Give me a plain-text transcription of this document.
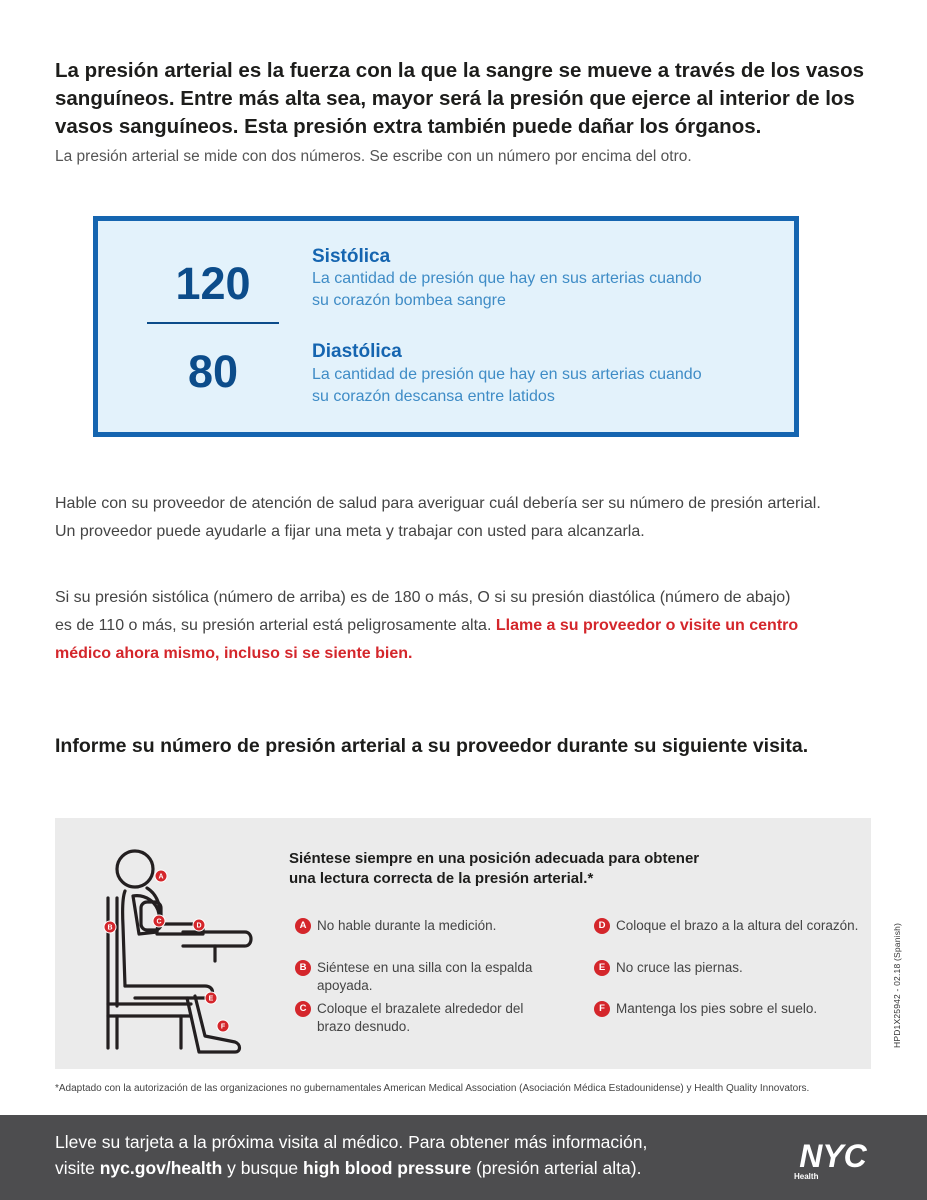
La presión arterial es la fuerza con la que la sangre se mueve a través de los vasos
sanguíneos. Entre más alta sea, mayor será la presión que ejerce al interior de los
vasos sanguíneos. Esta presión extra también puede dañar los órganos.
La presión arterial se mide con dos números. Se escribe con un número por encima del otro.
120
80
Sistólica
La cantidad de presión que hay en sus arterias cuando
su corazón bombea sangre
Diastólica
La cantidad de presión que hay en sus arterias cuando
su corazón descansa entre latidos
Hable con su proveedor de atención de salud para averiguar cuál debería ser su número de presión arterial.
Un proveedor puede ayudarle a fijar una meta y trabajar con usted para alcanzarla.
Si su presión sistólica (número de arriba) es de 180 o más, O si su presión diastólica (número de abajo)
es de 110 o más, su presión arterial está peligrosamente alta. Llame a su proveedor o visite un centro
médico ahora mismo, incluso si se siente bien.
Informe su número de presión arterial a su proveedor durante su siguiente visita.
A
B
C
D
E
F
Siéntese siempre en una posición adecuada para obtener
una lectura correcta de la presión arterial.*
A No hable durante la medición.
B Siéntese en una silla con la espalda apoyada.
C Coloque el brazalete alrededor del brazo desnudo.
D Coloque el brazo a la altura del corazón.
E No cruce las piernas.
F Mantenga los pies sobre el suelo.	HPD1X25942 - 02.18 (Spanish)
*Adaptado con la autorización de las organizaciones no gubernamentales American Medical Association (Asociación Médica Estadounidense) y Health Quality Innovators.
Lleve su tarjeta a la próxima visita al médico. Para obtener más información,
visite nyc.gov/health y busque high blood pressure (presión arterial alta).	NYC
Health
